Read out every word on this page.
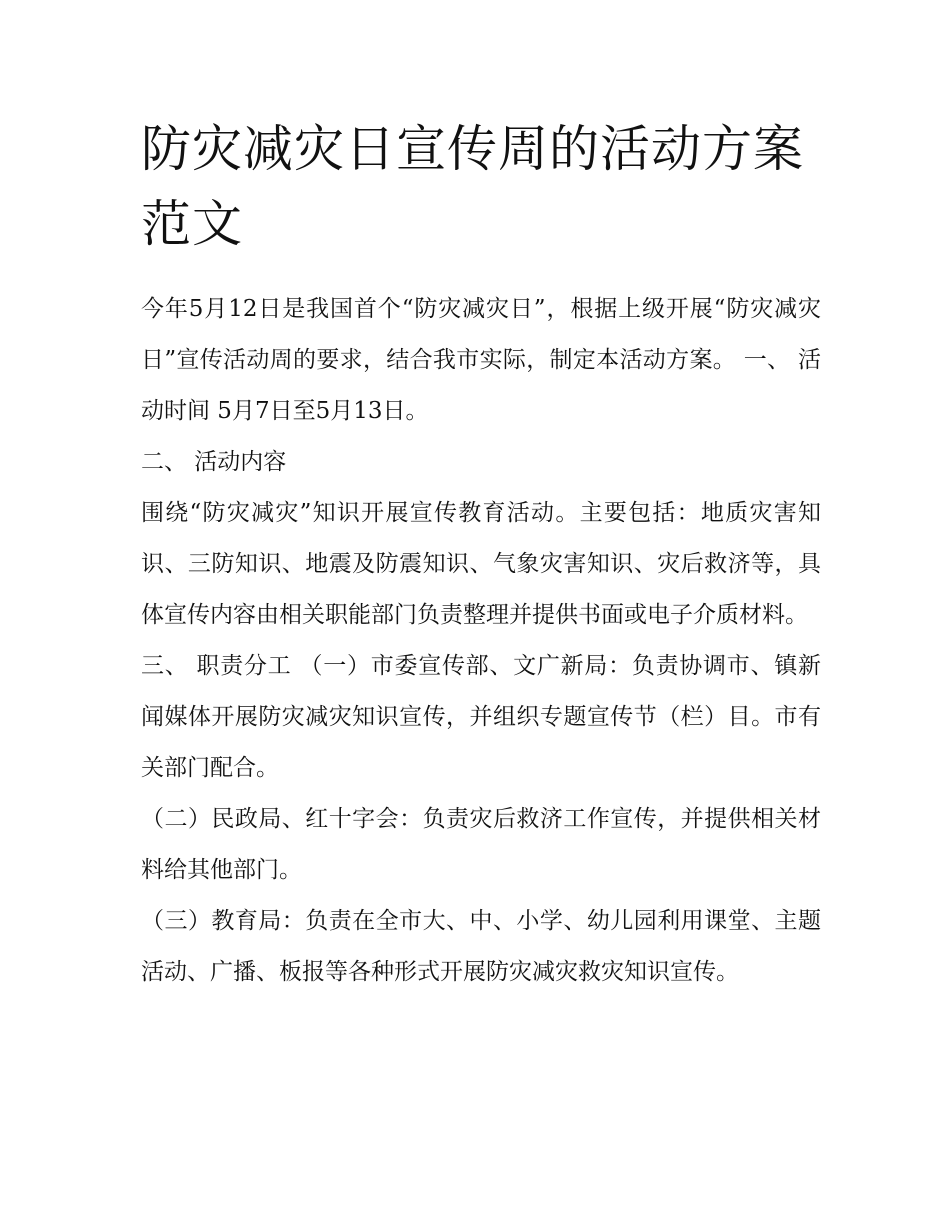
防灾减灾日宣传周的活动方案范文

今年5月12日是我国首个“防灾减灾日”，根据上级开展“防灾减灾日”宣传活动周的要求，结合我市实际，制定本活动方案。 一、 活动时间 5月7日至5月13日。

二、 活动内容

围绕“防灾减灾”知识开展宣传教育活动。主要包括：地质灾害知识、三防知识、地震及防震知识、气象灾害知识、灾后救济等，具体宣传内容由相关职能部门负责整理并提供书面或电子介质材料。

三、 职责分工 （一）市委宣传部、文广新局：负责协调市、镇新闻媒体开展防灾减灾知识宣传，并组织专题宣传节（栏）目。市有关部门配合。

（二）民政局、红十字会：负责灾后救济工作宣传，并提供相关材料给其他部门。

（三）教育局：负责在全市大、中、小学、幼儿园利用课堂、主题活动、广播、板报等各种形式开展防灾减灾救灾知识宣传。
